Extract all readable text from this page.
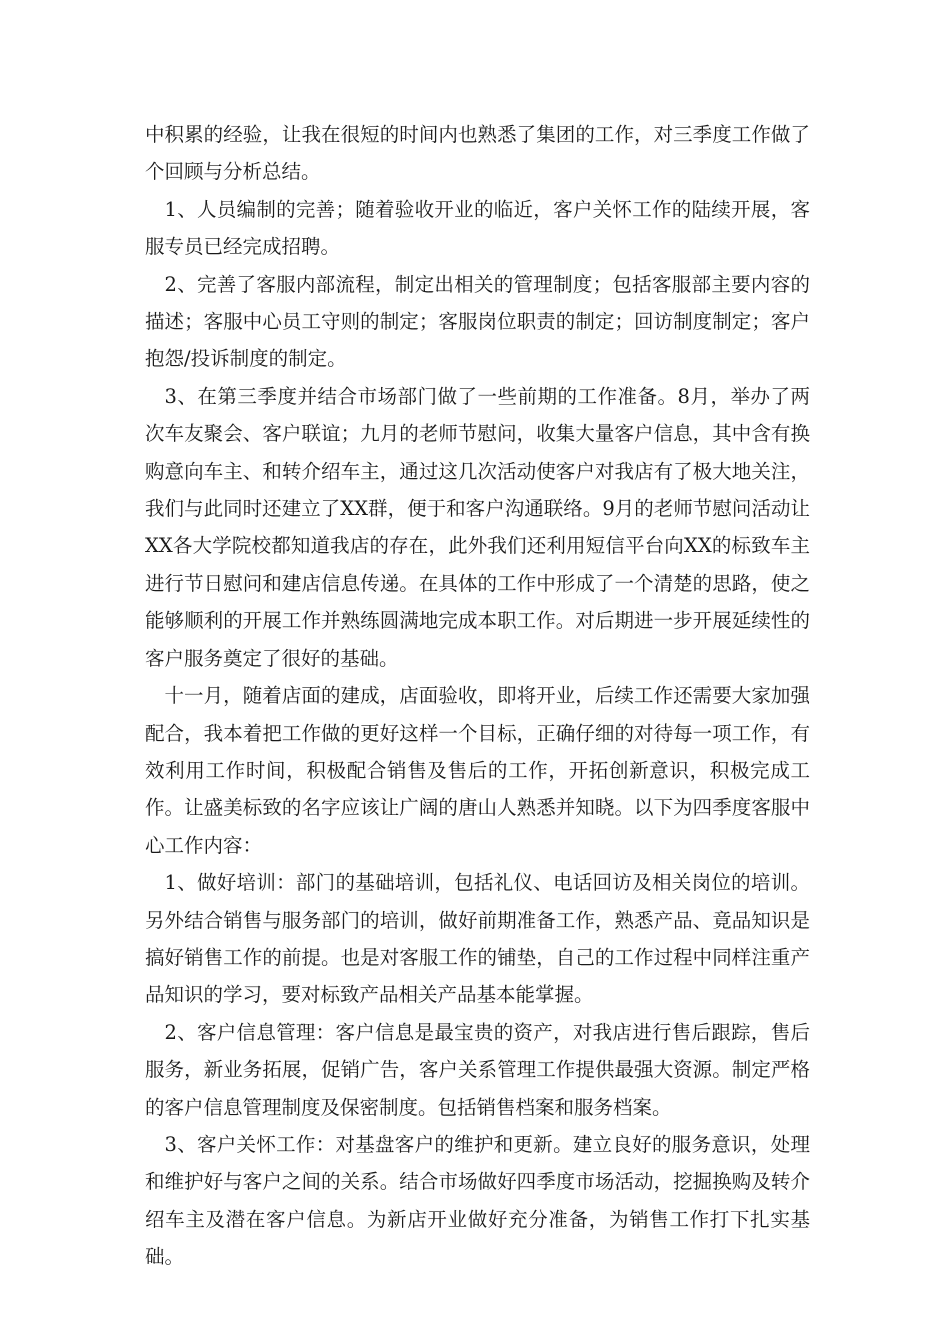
中积累的经验，让我在很短的时间内也熟悉了集团的工作，对三季度工作做了个回顾与分析总结。

1、人员编制的完善；随着验收开业的临近，客户关怀工作的陆续开展，客服专员已经完成招聘。

2、完善了客服内部流程，制定出相关的管理制度；包括客服部主要内容的描述；客服中心员工守则的制定；客服岗位职责的制定；回访制度制定；客户抱怨/投诉制度的制定。

3、在第三季度并结合市场部门做了一些前期的工作准备。8月，举办了两次车友聚会、客户联谊；九月的老师节慰问，收集大量客户信息，其中含有换购意向车主、和转介绍车主，通过这几次活动使客户对我店有了极大地关注，我们与此同时还建立了XX群，便于和客户沟通联络。9月的老师节慰问活动让XX各大学院校都知道我店的存在，此外我们还利用短信平台向XX的标致车主进行节日慰问和建店信息传递。在具体的工作中形成了一个清楚的思路，使之能够顺利的开展工作并熟练圆满地完成本职工作。对后期进一步开展延续性的客户服务奠定了很好的基础。

十一月，随着店面的建成，店面验收，即将开业，后续工作还需要大家加强配合，我本着把工作做的更好这样一个目标，正确仔细的对待每一项工作，有效利用工作时间，积极配合销售及售后的工作，开拓创新意识，积极完成工作。让盛美标致的名字应该让广阔的唐山人熟悉并知晓。以下为四季度客服中心工作内容：

1、做好培训：部门的基础培训，包括礼仪、电话回访及相关岗位的培训。另外结合销售与服务部门的培训，做好前期准备工作，熟悉产品、竟品知识是搞好销售工作的前提。也是对客服工作的铺垫，自己的工作过程中同样注重产品知识的学习，要对标致产品相关产品基本能掌握。

2、客户信息管理：客户信息是最宝贵的资产，对我店进行售后跟踪，售后服务，新业务拓展，促销广告，客户关系管理工作提供最强大资源。制定严格的客户信息管理制度及保密制度。包括销售档案和服务档案。

3、客户关怀工作：对基盘客户的维护和更新。建立良好的服务意识，处理和维护好与客户之间的关系。结合市场做好四季度市场活动，挖掘换购及转介绍车主及潜在客户信息。为新店开业做好充分准备，为销售工作打下扎实基础。
